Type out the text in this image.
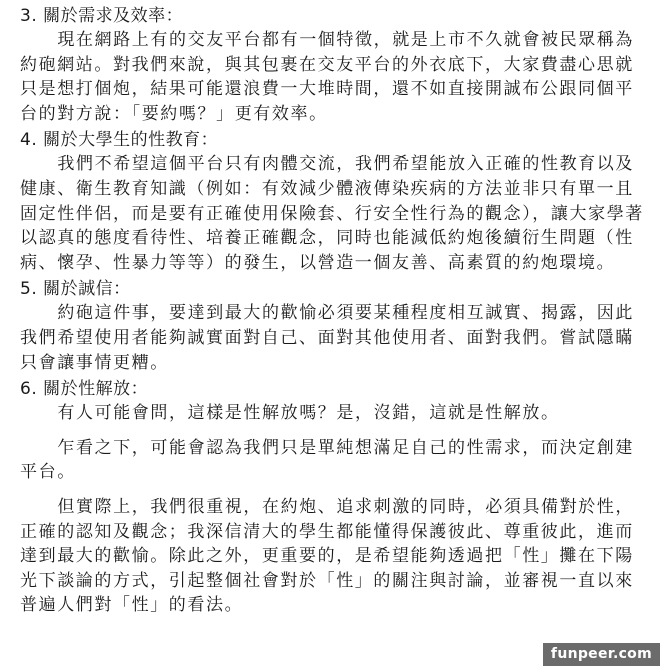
3. 關於需求及效率：

現在網路上有的交友平台都有一個特徵，就是上市不久就會被民眾稱為約砲網站。對我們來說，與其包裹在交友平台的外衣底下，大家費盡心思就只是想打個炮，結果可能還浪費一大堆時間，還不如直接開誠布公跟同個平台的對方說：「要約嗎？」更有效率。

4. 關於大學生的性教育：

我們不希望這個平台只有肉體交流，我們希望能放入正確的性教育以及健康、衛生教育知識（例如：有效減少體液傳染疾病的方法並非只有單一且固定性伴侶，而是要有正確使用保險套、行安全性行為的觀念），讓大家學著以認真的態度看待性、培養正確觀念，同時也能減低約炮後續衍生問題（性病、懷孕、性暴力等等）的發生，以營造一個友善、高素質的約炮環境。

5. 關於誠信：

約砲這件事，要達到最大的歡愉必須要某種程度相互誠實、揭露，因此我們希望使用者能夠誠實面對自己、面對其他使用者、面對我們。嘗試隱瞞只會讓事情更糟。

6. 關於性解放：

有人可能會問，這樣是性解放嗎？是，沒錯，這就是性解放。

乍看之下，可能會認為我們只是單純想滿足自己的性需求，而決定創建平台。

但實際上，我們很重視，在約炮、追求刺激的同時，必須具備對於性，正確的認知及觀念；我深信清大的學生都能懂得保護彼此、尊重彼此，進而達到最大的歡愉。除此之外，更重要的，是希望能夠透過把「性」攤在下陽光下談論的方式，引起整個社會對於「性」的關注與討論，並審視一直以來普遍人們對「性」的看法。

funpeer.com
